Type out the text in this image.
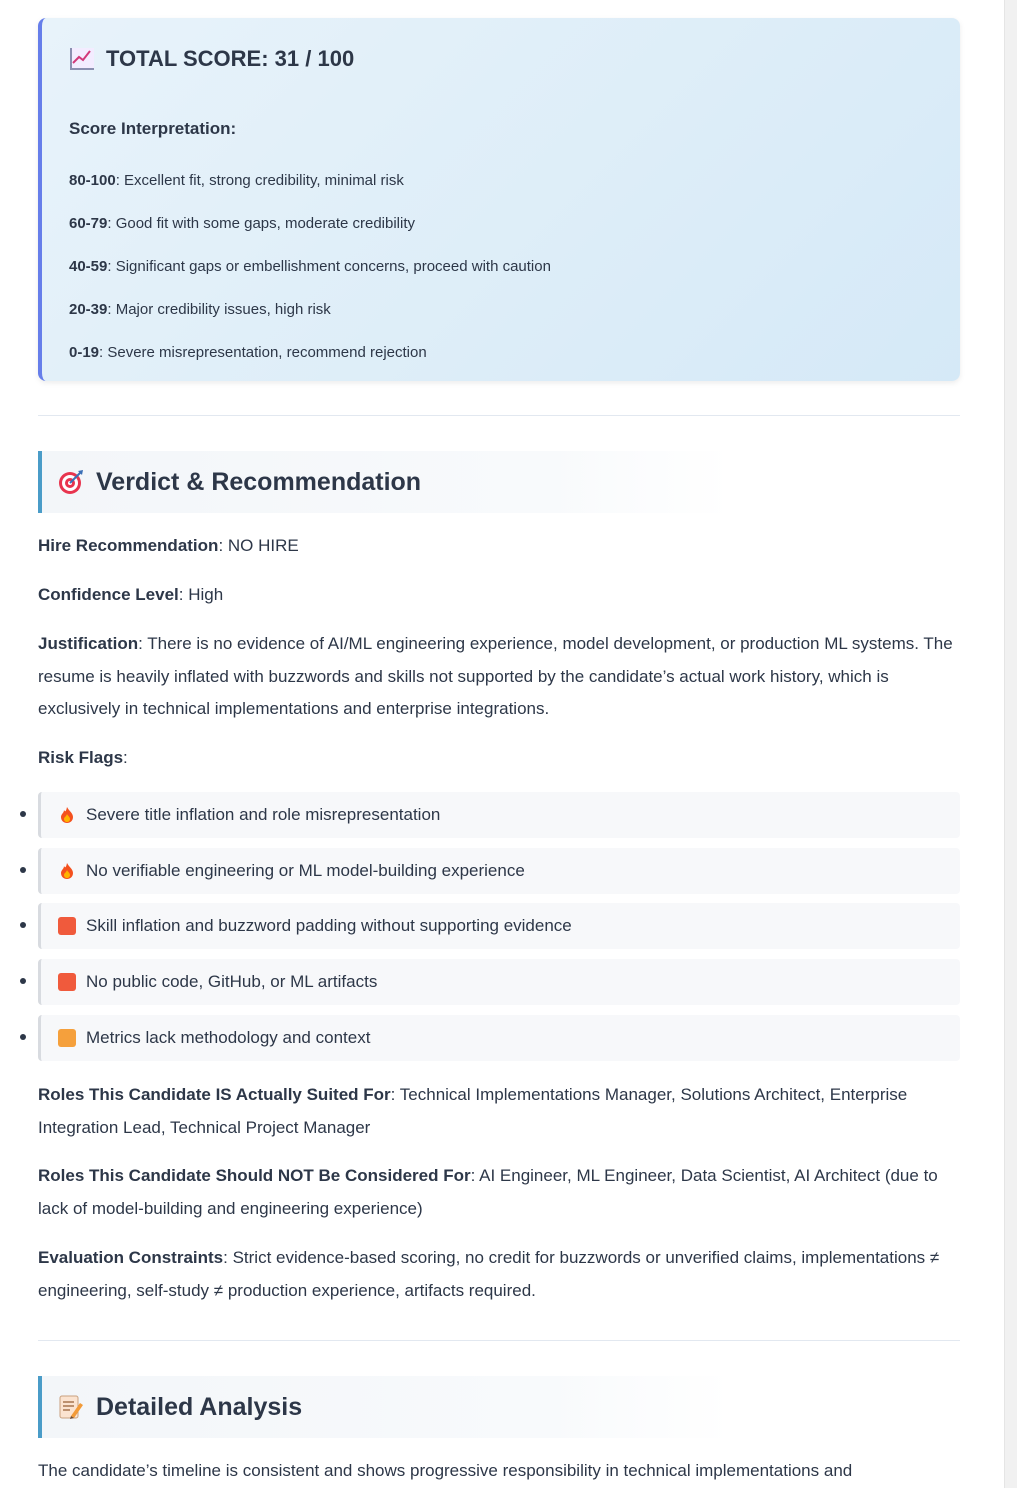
TOTAL SCORE: 31 / 100
Score Interpretation:
80-100: Excellent fit, strong credibility, minimal risk
60-79: Good fit with some gaps, moderate credibility
40-59: Significant gaps or embellishment concerns, proceed with caution
20-39: Major credibility issues, high risk
0-19: Severe misrepresentation, recommend rejection
Verdict & Recommendation
Hire Recommendation: NO HIRE
Confidence Level: High
Justification: There is no evidence of AI/ML engineering experience, model development, or production ML systems. The resume is heavily inflated with buzzwords and skills not supported by the candidate’s actual work history, which is exclusively in technical implementations and enterprise integrations.
Risk Flags:
Severe title inflation and role misrepresentation
No verifiable engineering or ML model-building experience
Skill inflation and buzzword padding without supporting evidence
No public code, GitHub, or ML artifacts
Metrics lack methodology and context
Roles This Candidate IS Actually Suited For: Technical Implementations Manager, Solutions Architect, Enterprise Integration Lead, Technical Project Manager
Roles This Candidate Should NOT Be Considered For: AI Engineer, ML Engineer, Data Scientist, AI Architect (due to lack of model-building and engineering experience)
Evaluation Constraints: Strict evidence-based scoring, no credit for buzzwords or unverified claims, implementations ≠ engineering, self-study ≠ production experience, artifacts required.
Detailed Analysis
The candidate’s timeline is consistent and shows progressive responsibility in technical implementations and
